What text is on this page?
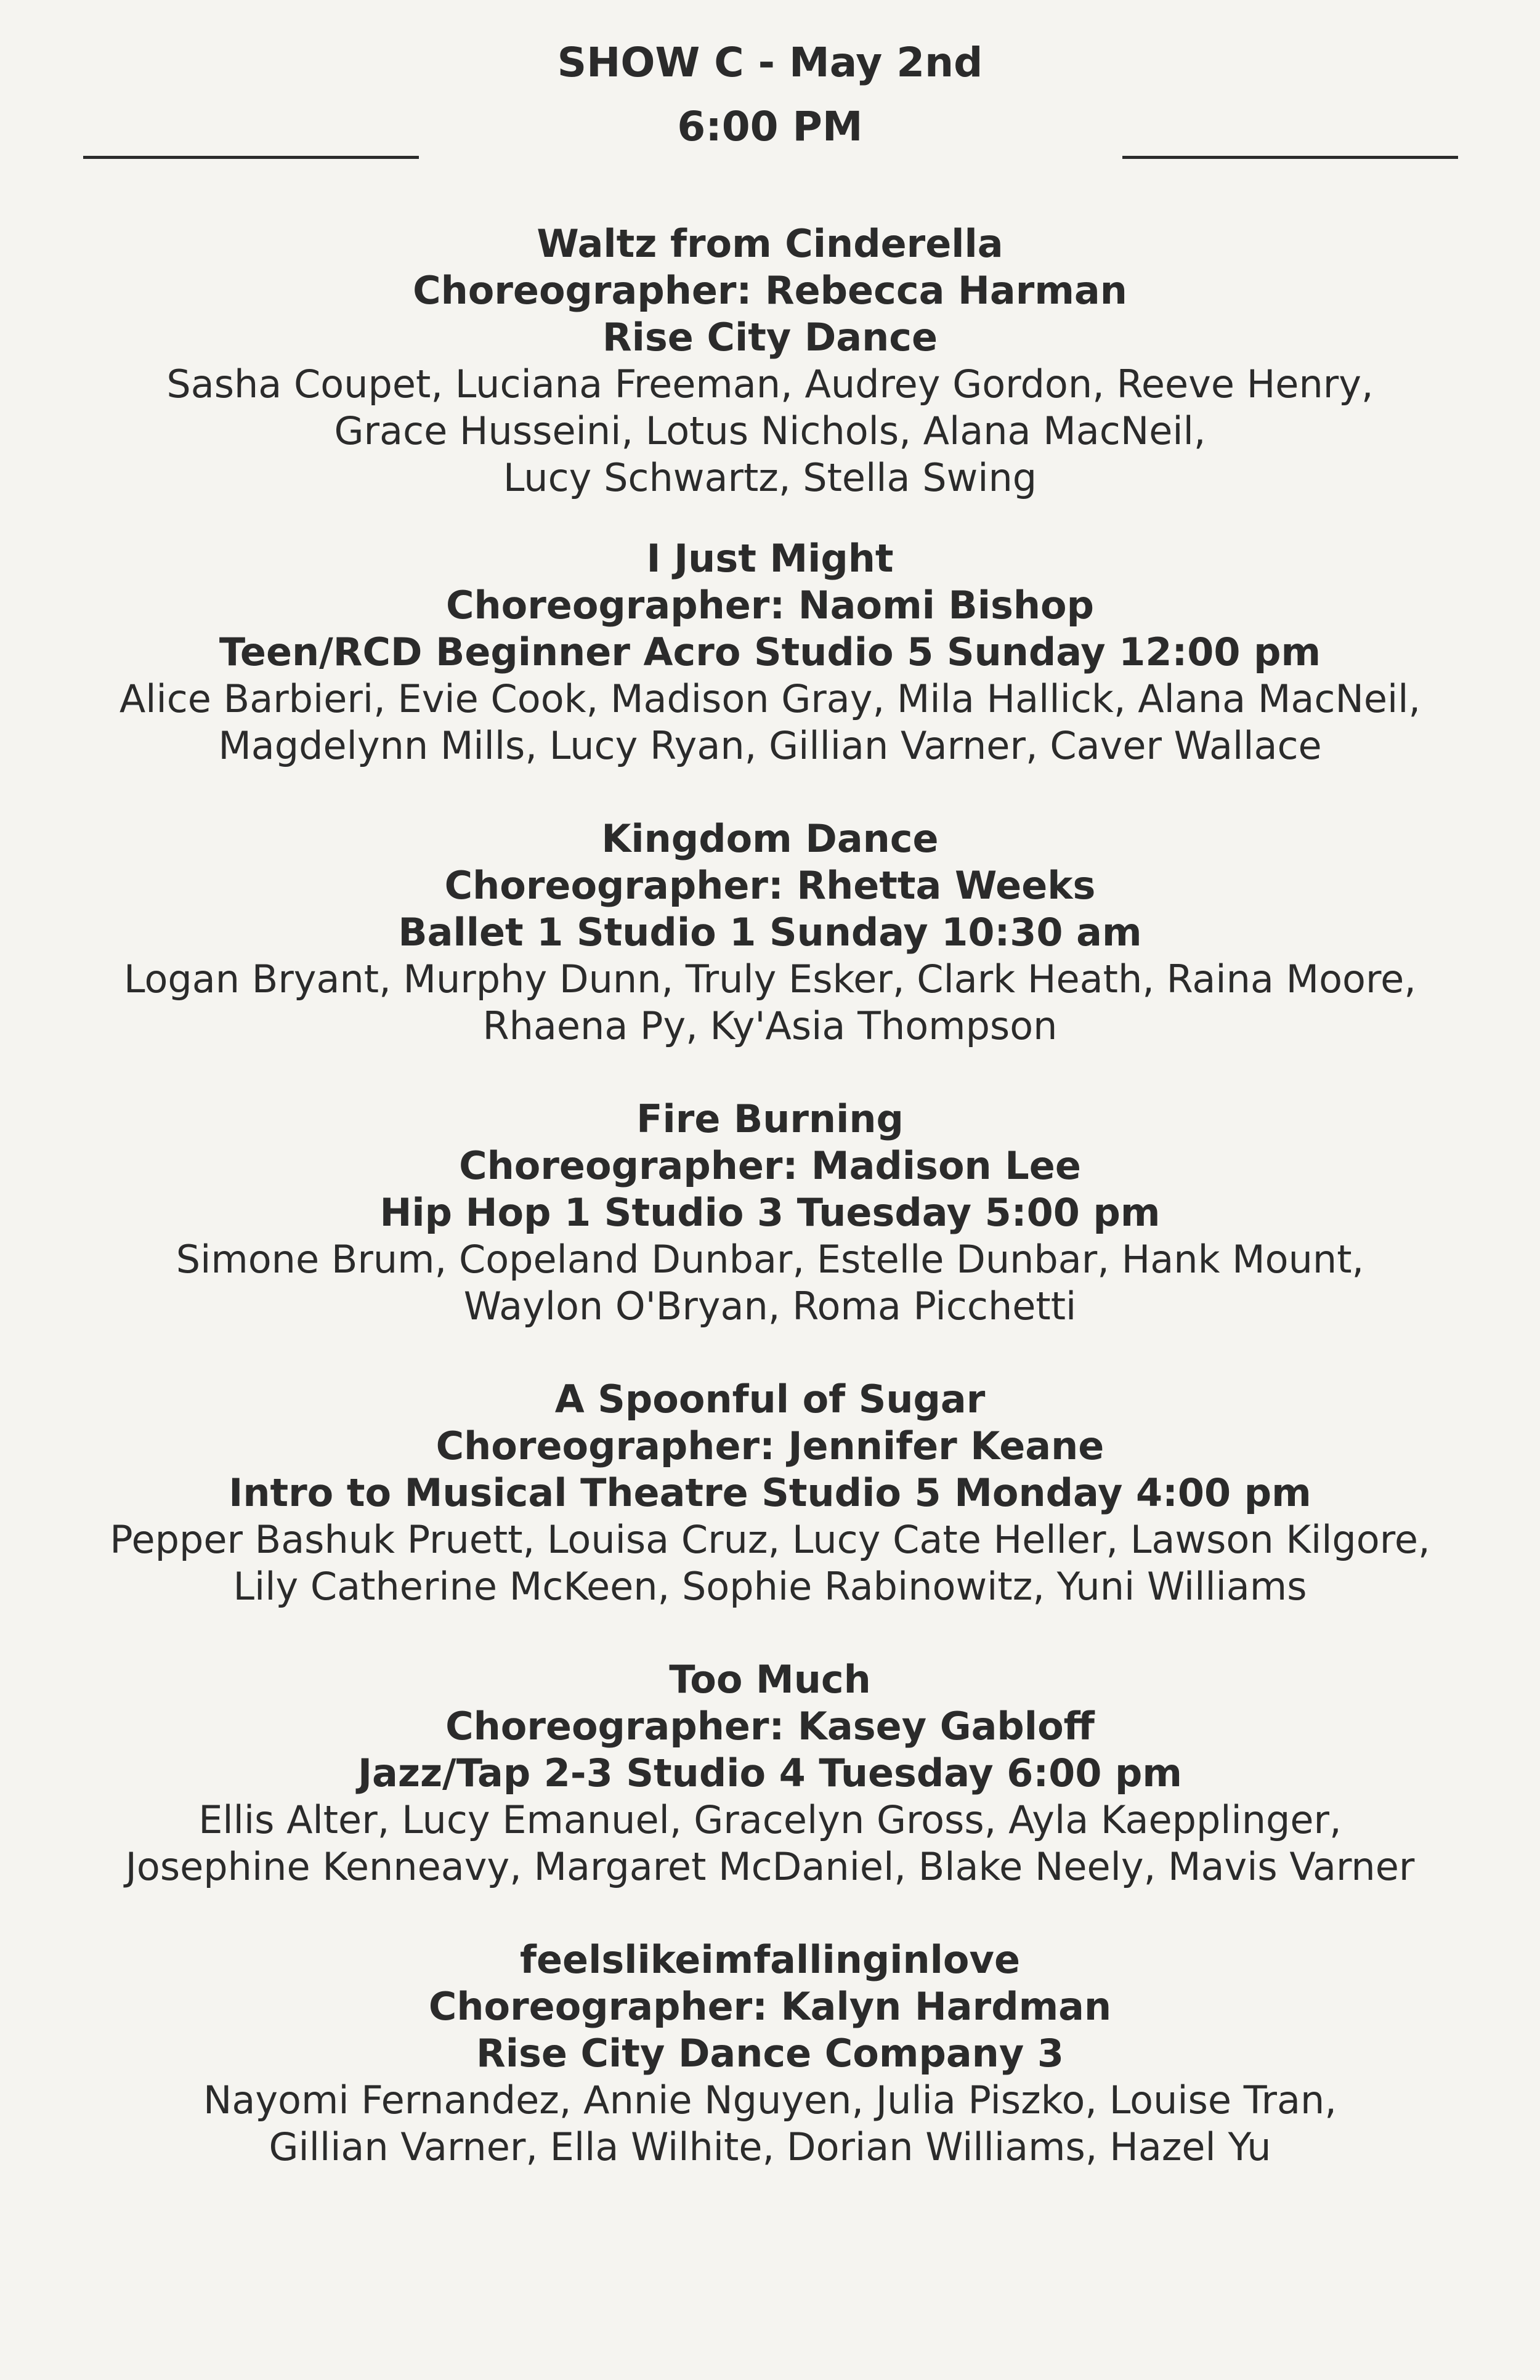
SHOW C - May 2nd
6:00 PM
Waltz from Cinderella
Choreographer: Rebecca Harman
Rise City Dance
Sasha Coupet, Luciana Freeman, Audrey Gordon, Reeve Henry,
Grace Husseini, Lotus Nichols, Alana MacNeil,
Lucy Schwartz, Stella Swing
I Just Might
Choreographer: Naomi Bishop
Teen/RCD Beginner Acro Studio 5 Sunday 12:00 pm
Alice Barbieri, Evie Cook, Madison Gray, Mila Hallick, Alana MacNeil,
Magdelynn Mills, Lucy Ryan, Gillian Varner, Caver Wallace
Kingdom Dance
Choreographer: Rhetta Weeks
Ballet 1 Studio 1 Sunday 10:30 am
Logan Bryant, Murphy Dunn, Truly Esker, Clark Heath, Raina Moore,
Rhaena Py, Ky'Asia Thompson
Fire Burning
Choreographer: Madison Lee
Hip Hop 1 Studio 3 Tuesday 5:00 pm
Simone Brum, Copeland Dunbar, Estelle Dunbar, Hank Mount,
Waylon O'Bryan, Roma Picchetti
A Spoonful of Sugar
Choreographer: Jennifer Keane
Intro to Musical Theatre Studio 5 Monday 4:00 pm
Pepper Bashuk Pruett, Louisa Cruz, Lucy Cate Heller, Lawson Kilgore,
Lily Catherine McKeen, Sophie Rabinowitz, Yuni Williams
Too Much
Choreographer: Kasey Gabloff
Jazz/Tap 2-3 Studio 4 Tuesday 6:00 pm
Ellis Alter, Lucy Emanuel, Gracelyn Gross, Ayla Kaepplinger,
Josephine Kenneavy, Margaret McDaniel, Blake Neely, Mavis Varner
feelslikeimfallinginlove
Choreographer: Kalyn Hardman
Rise City Dance Company 3
Nayomi Fernandez, Annie Nguyen, Julia Piszko, Louise Tran,
Gillian Varner, Ella Wilhite, Dorian Williams, Hazel Yu
